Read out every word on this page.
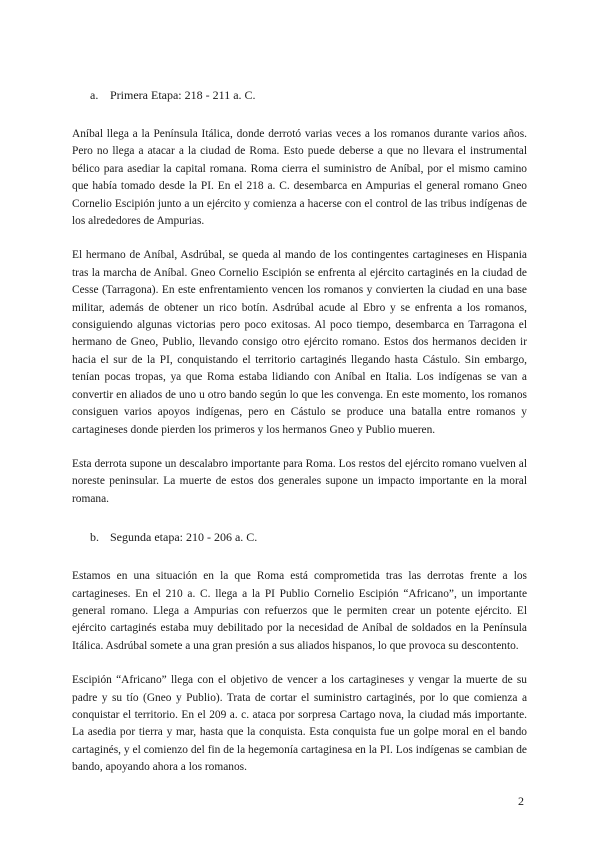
a. Primera Etapa: 218 - 211 a. C.

Aníbal llega a la Península Itálica, donde derrotó varias veces a los romanos durante varios años. Pero no llega a atacar a la ciudad de Roma. Esto puede deberse a que no llevara el instrumental bélico para asediar la capital romana. Roma cierra el suministro de Aníbal, por el mismo camino que había tomado desde la PI. En el 218 a. C. desembarca en Ampurias el general romano Gneo Cornelio Escipión junto a un ejército y comienza a hacerse con el control de las tribus indígenas de los alrededores de Ampurias.

El hermano de Aníbal, Asdrúbal, se queda al mando de los contingentes cartagineses en Hispania tras la marcha de Aníbal. Gneo Cornelio Escipión se enfrenta al ejército cartaginés en la ciudad de Cesse (Tarragona). En este enfrentamiento vencen los romanos y convierten la ciudad en una base militar, además de obtener un rico botín. Asdrúbal acude al Ebro y se enfrenta a los romanos, consiguiendo algunas victorias pero poco exitosas. Al poco tiempo, desembarca en Tarragona el hermano de Gneo, Publio, llevando consigo otro ejército romano. Estos dos hermanos deciden ir hacia el sur de la PI, conquistando el territorio cartaginés llegando hasta Cástulo. Sin embargo, tenían pocas tropas, ya que Roma estaba lidiando con Aníbal en Italia. Los indígenas se van a convertir en aliados de uno u otro bando según lo que les convenga. En este momento, los romanos consiguen varios apoyos indígenas, pero en Cástulo se produce una batalla entre romanos y cartagineses donde pierden los primeros y los hermanos Gneo y Publio mueren.

Esta derrota supone un descalabro importante para Roma. Los restos del ejército romano vuelven al noreste peninsular. La muerte de estos dos generales supone un impacto importante en la moral romana.

b. Segunda etapa: 210 - 206 a. C.

Estamos en una situación en la que Roma está comprometida tras las derrotas frente a los cartagineses. En el 210 a. C. llega a la PI Publio Cornelio Escipión “Africano”, un importante general romano. Llega a Ampurias con refuerzos que le permiten crear un potente ejército. El ejército cartaginés estaba muy debilitado por la necesidad de Aníbal de soldados en la Península Itálica. Asdrúbal somete a una gran presión a sus aliados hispanos, lo que provoca su descontento.

Escipión “Africano” llega con el objetivo de vencer a los cartagineses y vengar la muerte de su padre y su tío (Gneo y Publio). Trata de cortar el suministro cartaginés, por lo que comienza a conquistar el territorio. En el 209 a. c. ataca por sorpresa Cartago nova, la ciudad más importante. La asedia por tierra y mar, hasta que la conquista. Esta conquista fue un golpe moral en el bando cartaginés, y el comienzo del fin de la hegemonía cartaginesa en la PI. Los indígenas se cambian de bando, apoyando ahora a los romanos.

2
